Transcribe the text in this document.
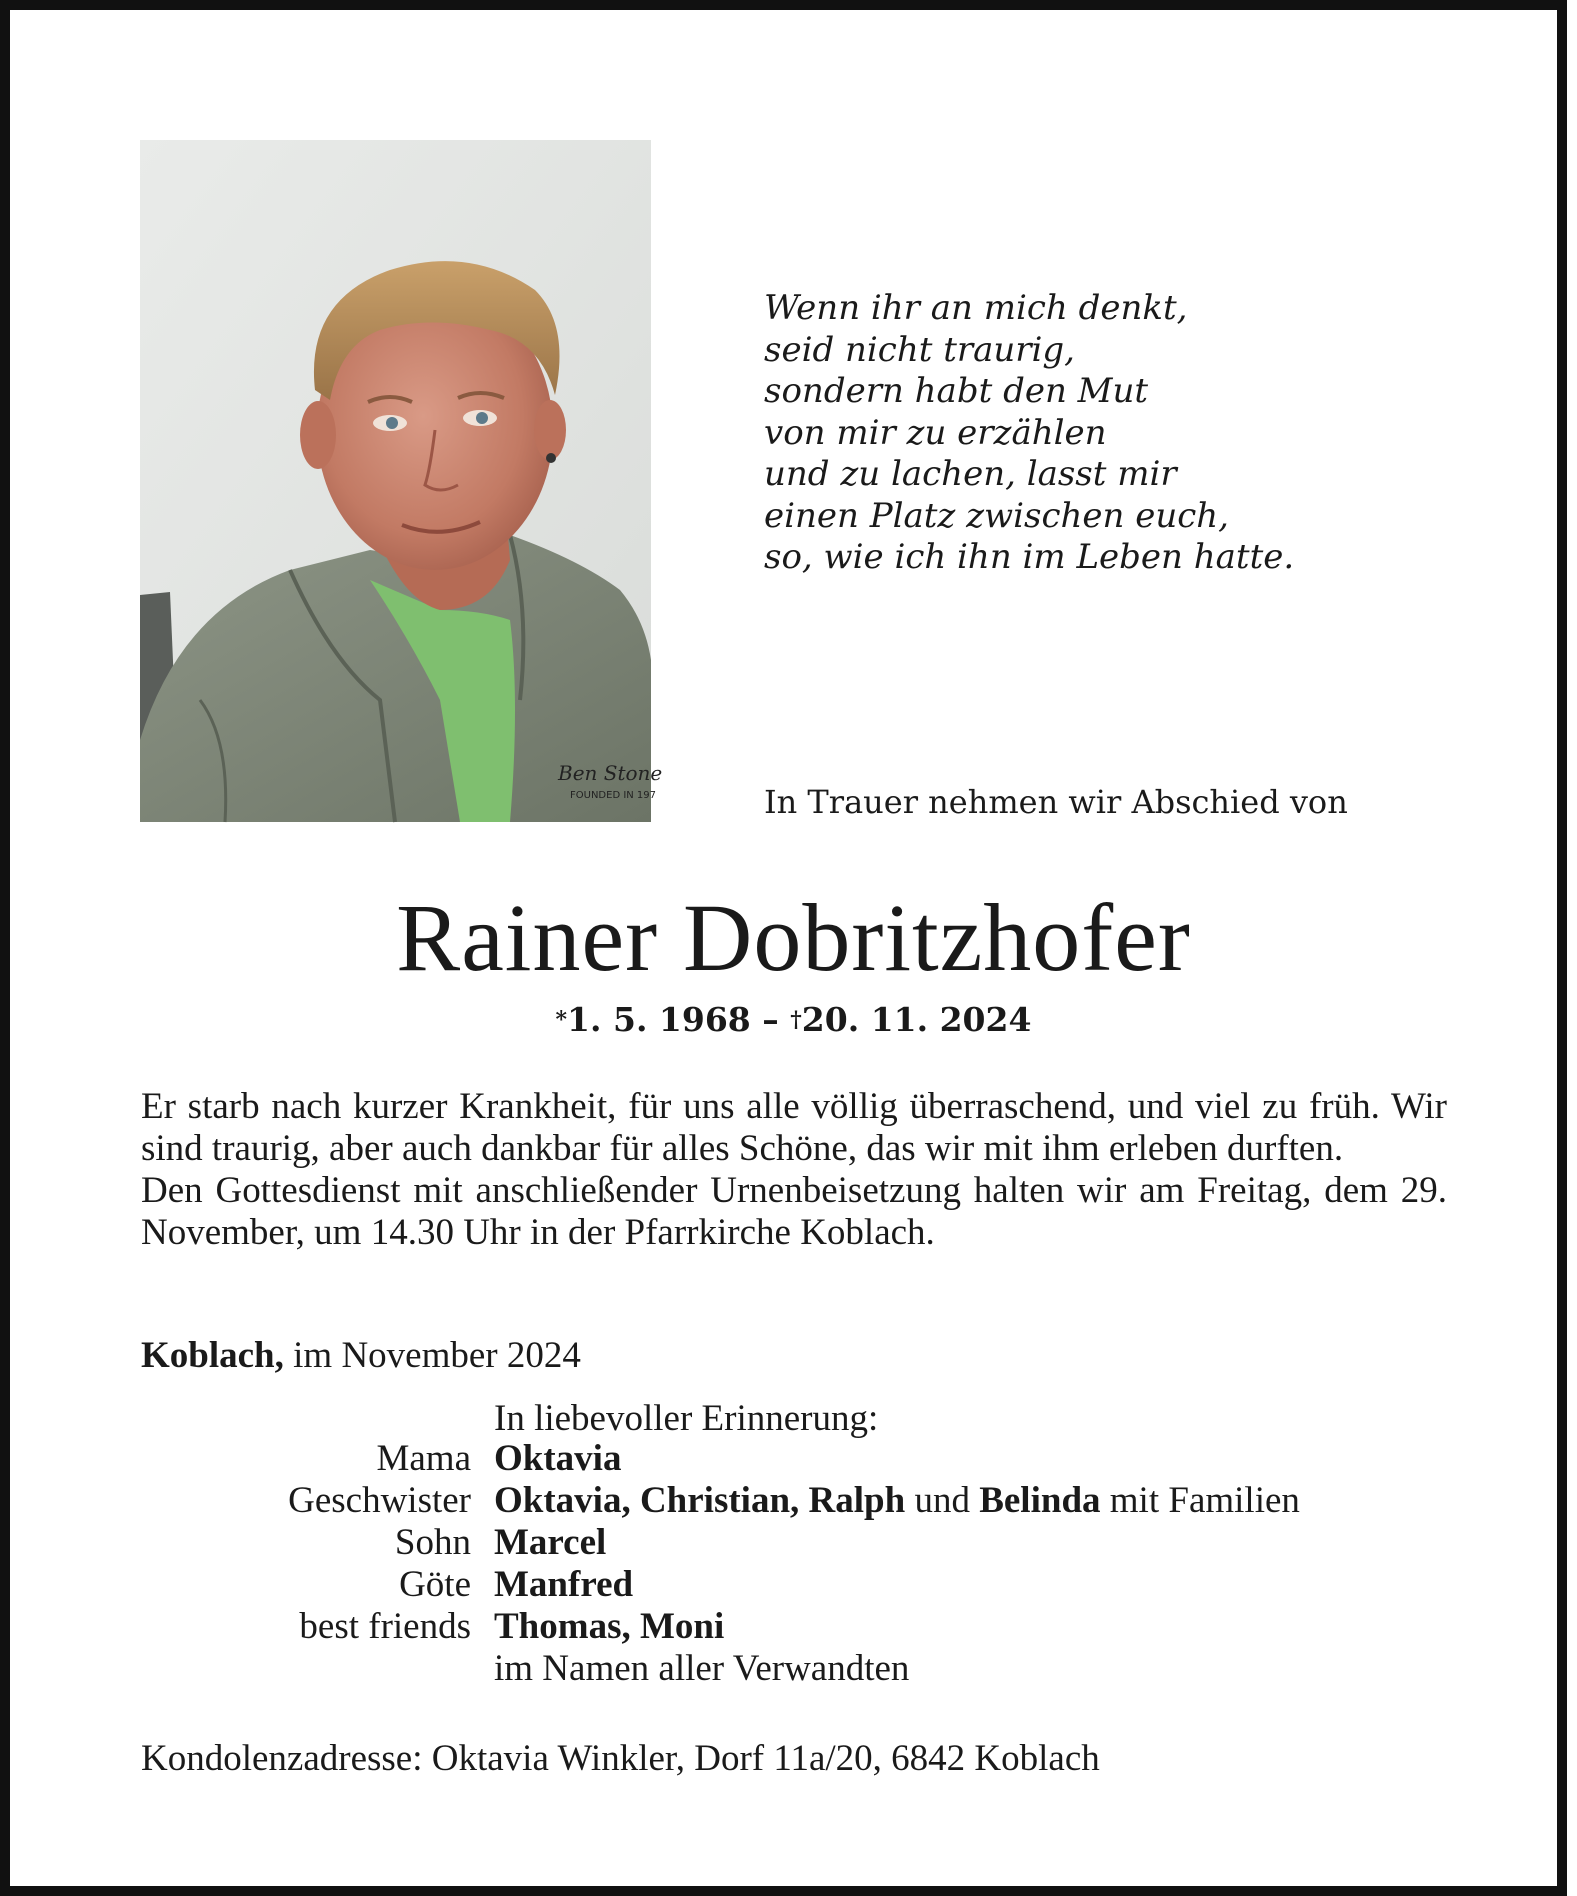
Ben Stone
FOUNDED IN 197
Wenn ihr an mich denkt,
seid nicht traurig,
sondern habt den Mut
von mir zu erzählen
und zu lachen, lasst mir
einen Platz zwischen euch,
so, wie ich ihn im Leben hatte.
In Trauer nehmen wir Abschied von
Rainer Dobritzhofer
*1. 5. 1968 – †20. 11. 2024

Er starb nach kurzer Krankheit, für uns alle völlig überraschend, und viel zu früh. Wir sind traurig, aber auch dankbar für alles Schöne, das wir mit ihm erleben durften.

Den Gottesdienst mit anschließender Urnenbeisetzung halten wir am Freitag, dem 29. November, um 14.30 Uhr in der Pfarrkirche Koblach.

Koblach, im November 2024
In liebevoller Erinnerung:
Mama Oktavia
Geschwister Oktavia, Christian, Ralph und Belinda mit Familien
Sohn Marcel
Göte Manfred
best friends Thomas, Moni
im Namen aller Verwandten
Kondolenzadresse: Oktavia Winkler, Dorf 11a/20, 6842 Koblach
